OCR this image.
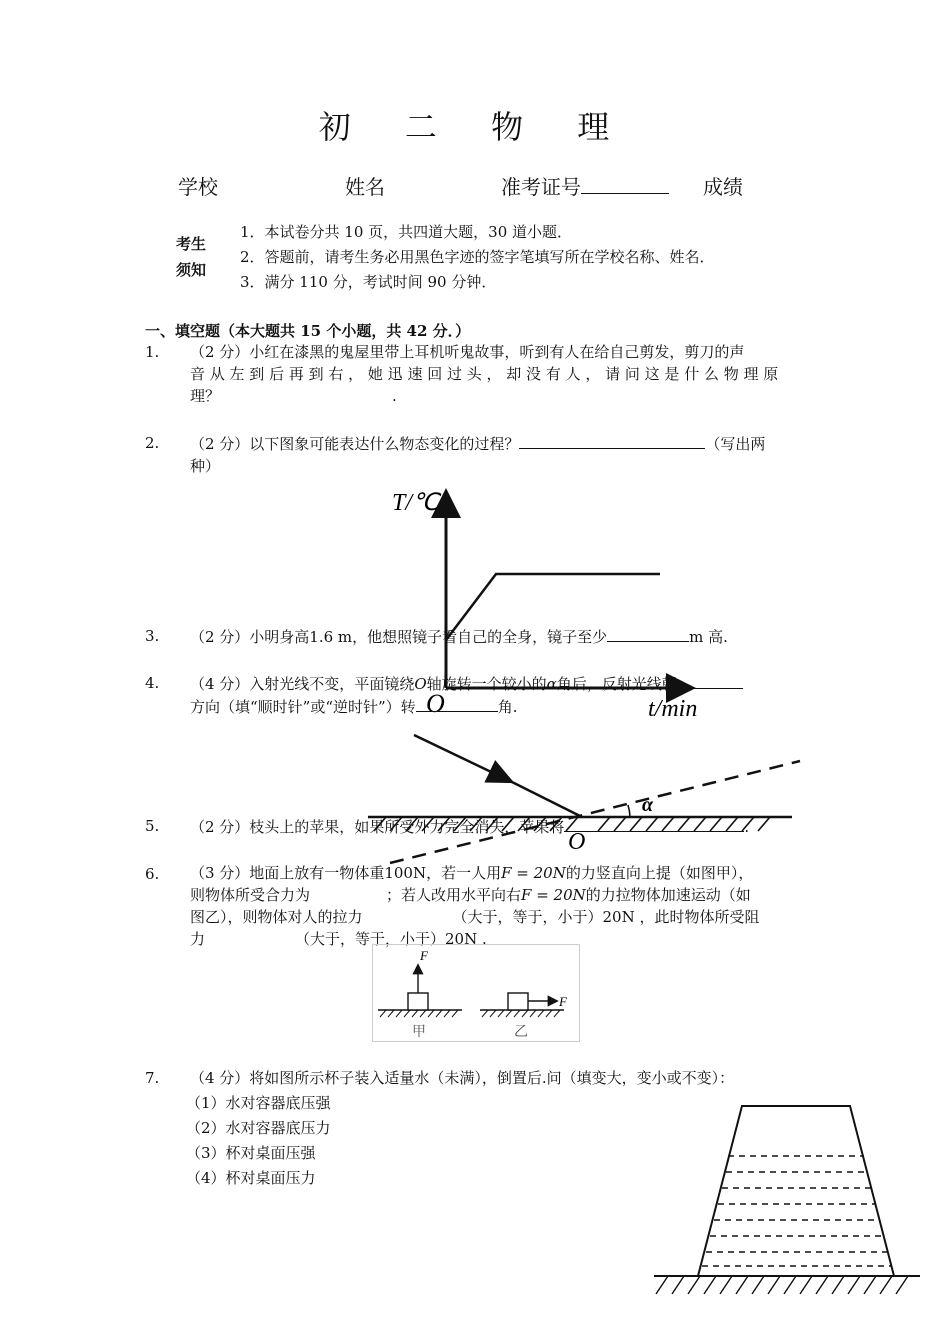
初 二 物 理
学校	姓名	准考证号	成绩
考生
须知
1．本试卷分共 10 页，共四道大题，30 道小题．
2．答题前，请考生务必用黑色字迹的签字笔填写所在学校名称、姓名．
3．满分 110 分，考试时间 90 分钟．
一、填空题（本大题共 15 个小题，共 42 分．）
1. （2 分）小红在漆黑的鬼屋里带上耳机听鬼故事，听到有人在给自己剪发，剪刀的声
音 从 左 到 后 再 到 右 ， 她 迅 速 回 过 头 ， 却 没 有 人 ， 请 问 这 是 什 么 物 理 原
理？	.
2. （2 分）以下图象可能表达什么物态变化的过程？	（写出两
种）
T/℃
t/min
O
3. （2 分）小明身高1.6 m，他想照镜子看自己的全身，镜子至少	m 高.
4. （4 分）入射光线不变，平面镜绕O轴旋转一个较小的α角后，反射光线朝
方向（填“顺时针”或“逆时针”）转	角.
α
O
5. （2 分）枝头上的苹果，如果所受外力完全消失，苹果将	.
6. （3 分）地面上放有一物体重100N，若一人用F = 20N的力竖直向上提（如图甲），
则物体所受合力为	；若人改用水平向右F = 20N的力拉物体加速运动（如
图乙），则物体对人的拉力	（大于，等于，小于）20N ，此时物体所受阻
力	（大于，等于，小于）20N .
F
甲
F
乙
7. （4 分）将如图所示杯子装入适量水（未满），倒置后.问（填变大，变小或不变）：
（1）水对容器底压强
（2）水对容器底压力
（3）杯对桌面压强
（4）杯对桌面压力
